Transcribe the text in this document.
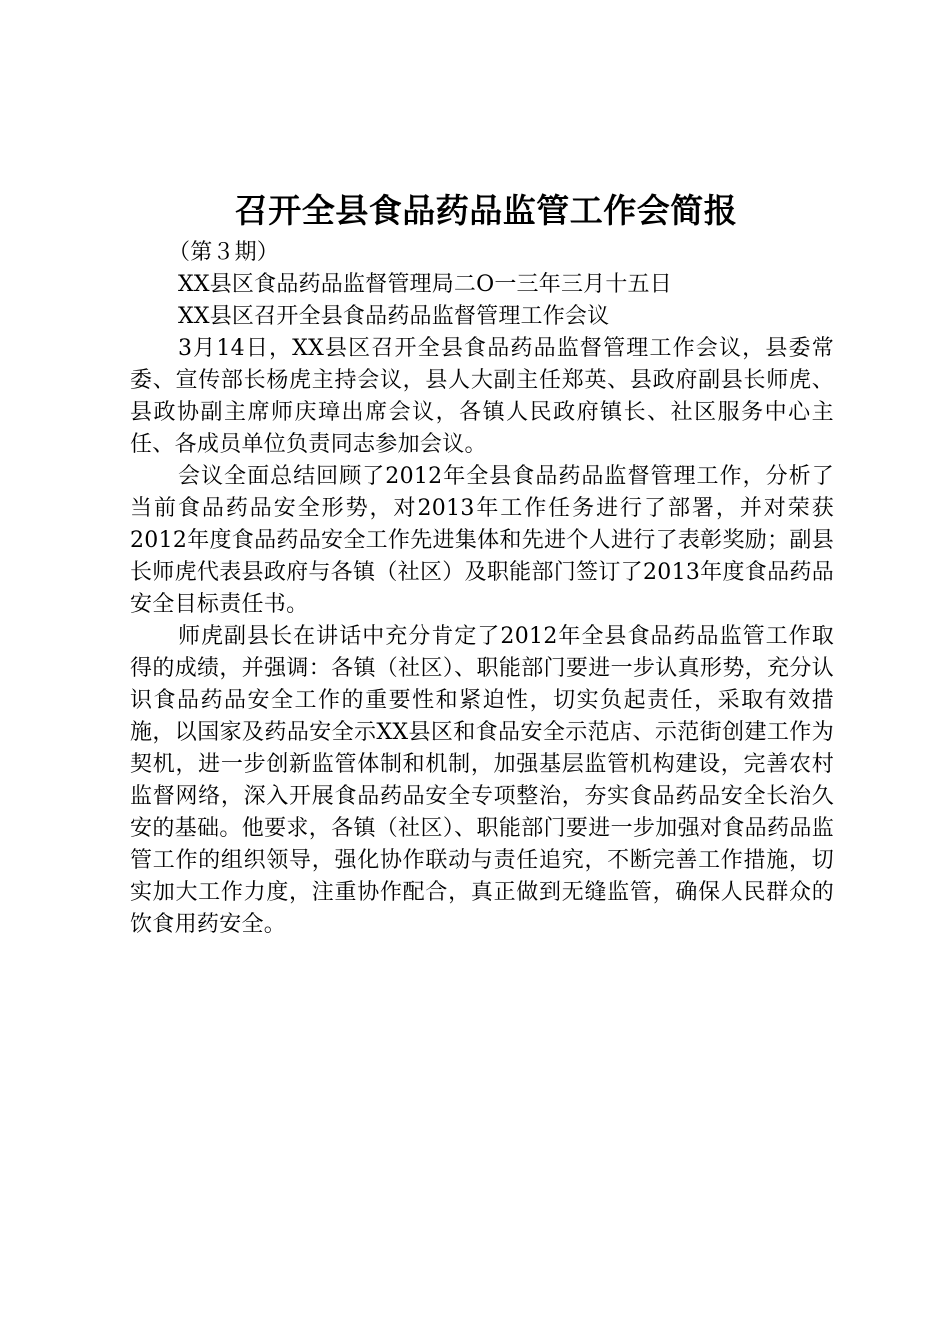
召开全县食品药品监管工作会简报

（第３期）

XX县区食品药品监督管理局二O一三年三月十五日

XX县区召开全县食品药品监督管理工作会议

3月14日，XX县区召开全县食品药品监督管理工作会议，县委常委、宣传部长杨虎主持会议，县人大副主任郑英、县政府副县长师虎、县政协副主席师庆璋出席会议，各镇人民政府镇长、社区服务中心主任、各成员单位负责同志参加会议。

会议全面总结回顾了2012年全县食品药品监督管理工作，分析了当前食品药品安全形势，对2013年工作任务进行了部署，并对荣获2012年度食品药品安全工作先进集体和先进个人进行了表彰奖励；副县长师虎代表县政府与各镇（社区）及职能部门签订了2013年度食品药品安全目标责任书。

师虎副县长在讲话中充分肯定了2012年全县食品药品监管工作取得的成绩，并强调：各镇（社区）、职能部门要进一步认真形势，充分认识食品药品安全工作的重要性和紧迫性，切实负起责任，采取有效措施，以国家及药品安全示XX县区和食品安全示范店、示范街创建工作为契机，进一步创新监管体制和机制，加强基层监管机构建设，完善农村监督网络，深入开展食品药品安全专项整治，夯实食品药品安全长治久安的基础。他要求，各镇（社区）、职能部门要进一步加强对食品药品监管工作的组织领导，强化协作联动与责任追究，不断完善工作措施，切实加大工作力度，注重协作配合，真正做到无缝监管，确保人民群众的饮食用药安全。
